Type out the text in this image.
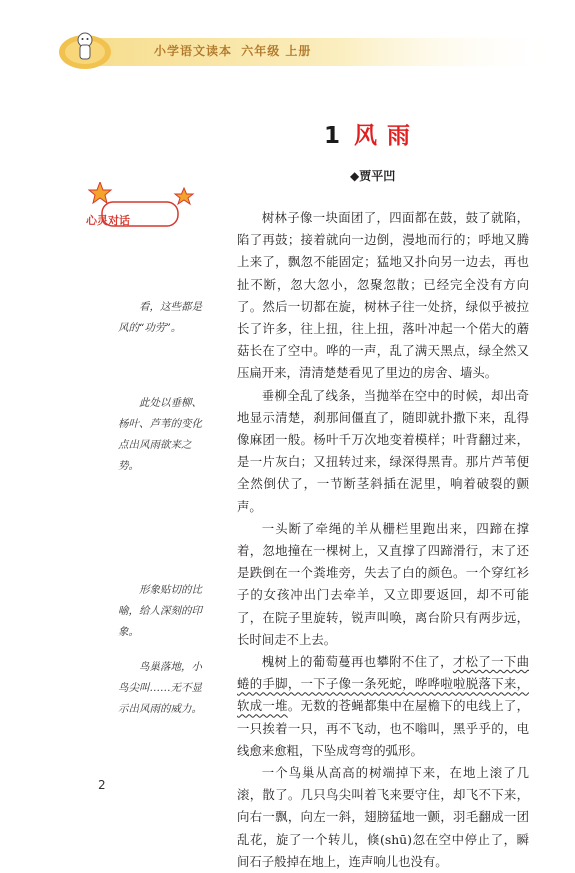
小学语文读本 六年级 上册
1 风雨
◆贾平凹
心灵对话
看，这些都是风的“功劳”。
此处以垂柳、杨叶、芦苇的变化点出风雨欲来之势。
形象贴切的比喻，给人深刻的印象。
鸟巢落地，小鸟尖叫……无不显示出风雨的威力。

树林子像一块面团了，四面都在鼓，鼓了就陷，陷了再鼓；接着就向一边倒，漫地而行的；呼地又腾上来了，飘忽不能固定；猛地又扑向另一边去，再也扯不断，忽大忽小，忽聚忽散；已经完全没有方向了。然后一切都在旋，树林子往一处挤，绿似乎被拉长了许多，往上扭，往上扭，落叶冲起一个偌大的蘑菇长在了空中。哗的一声，乱了满天黑点，绿全然又压扁开来，清清楚楚看见了里边的房舍、墙头。

垂柳全乱了线条，当抛举在空中的时候，却出奇地显示清楚，刹那间僵直了，随即就扑撒下来，乱得像麻团一般。杨叶千万次地变着模样；叶背翻过来，是一片灰白；又扭转过来，绿深得黑青。那片芦苇便全然倒伏了，一节断茎斜插在泥里，响着破裂的颤声。

一头断了牵绳的羊从栅栏里跑出来，四蹄在撑着，忽地撞在一棵树上，又直撑了四蹄滑行，末了还是跌倒在一个粪堆旁，失去了白的颜色。一个穿红衫子的女孩冲出门去牵羊，又立即要返回，却不可能了，在院子里旋转，锐声叫唤，离台阶只有两步远，长时间走不上去。

槐树上的葡萄蔓再也攀附不住了，才松了一下曲蜷的手脚，一下子像一条死蛇，哗哗啦啦脱落下来，软成一堆。无数的苍蝇都集中在屋檐下的电线上了，一只挨着一只，再不飞动，也不嗡叫，黑乎乎的，电线愈来愈粗，下坠成弯弯的弧形。

一个鸟巢从高高的树端掉下来，在地上滚了几滚，散了。几只鸟尖叫着飞来要守住，却飞不下来，向右一飘，向左一斜，翅膀猛地一颤，羽毛翻成一团乱花，旋了一个转儿，倏(shū)忽在空中停止了，瞬间石子般掉在地上，连声响儿也没有。

2
